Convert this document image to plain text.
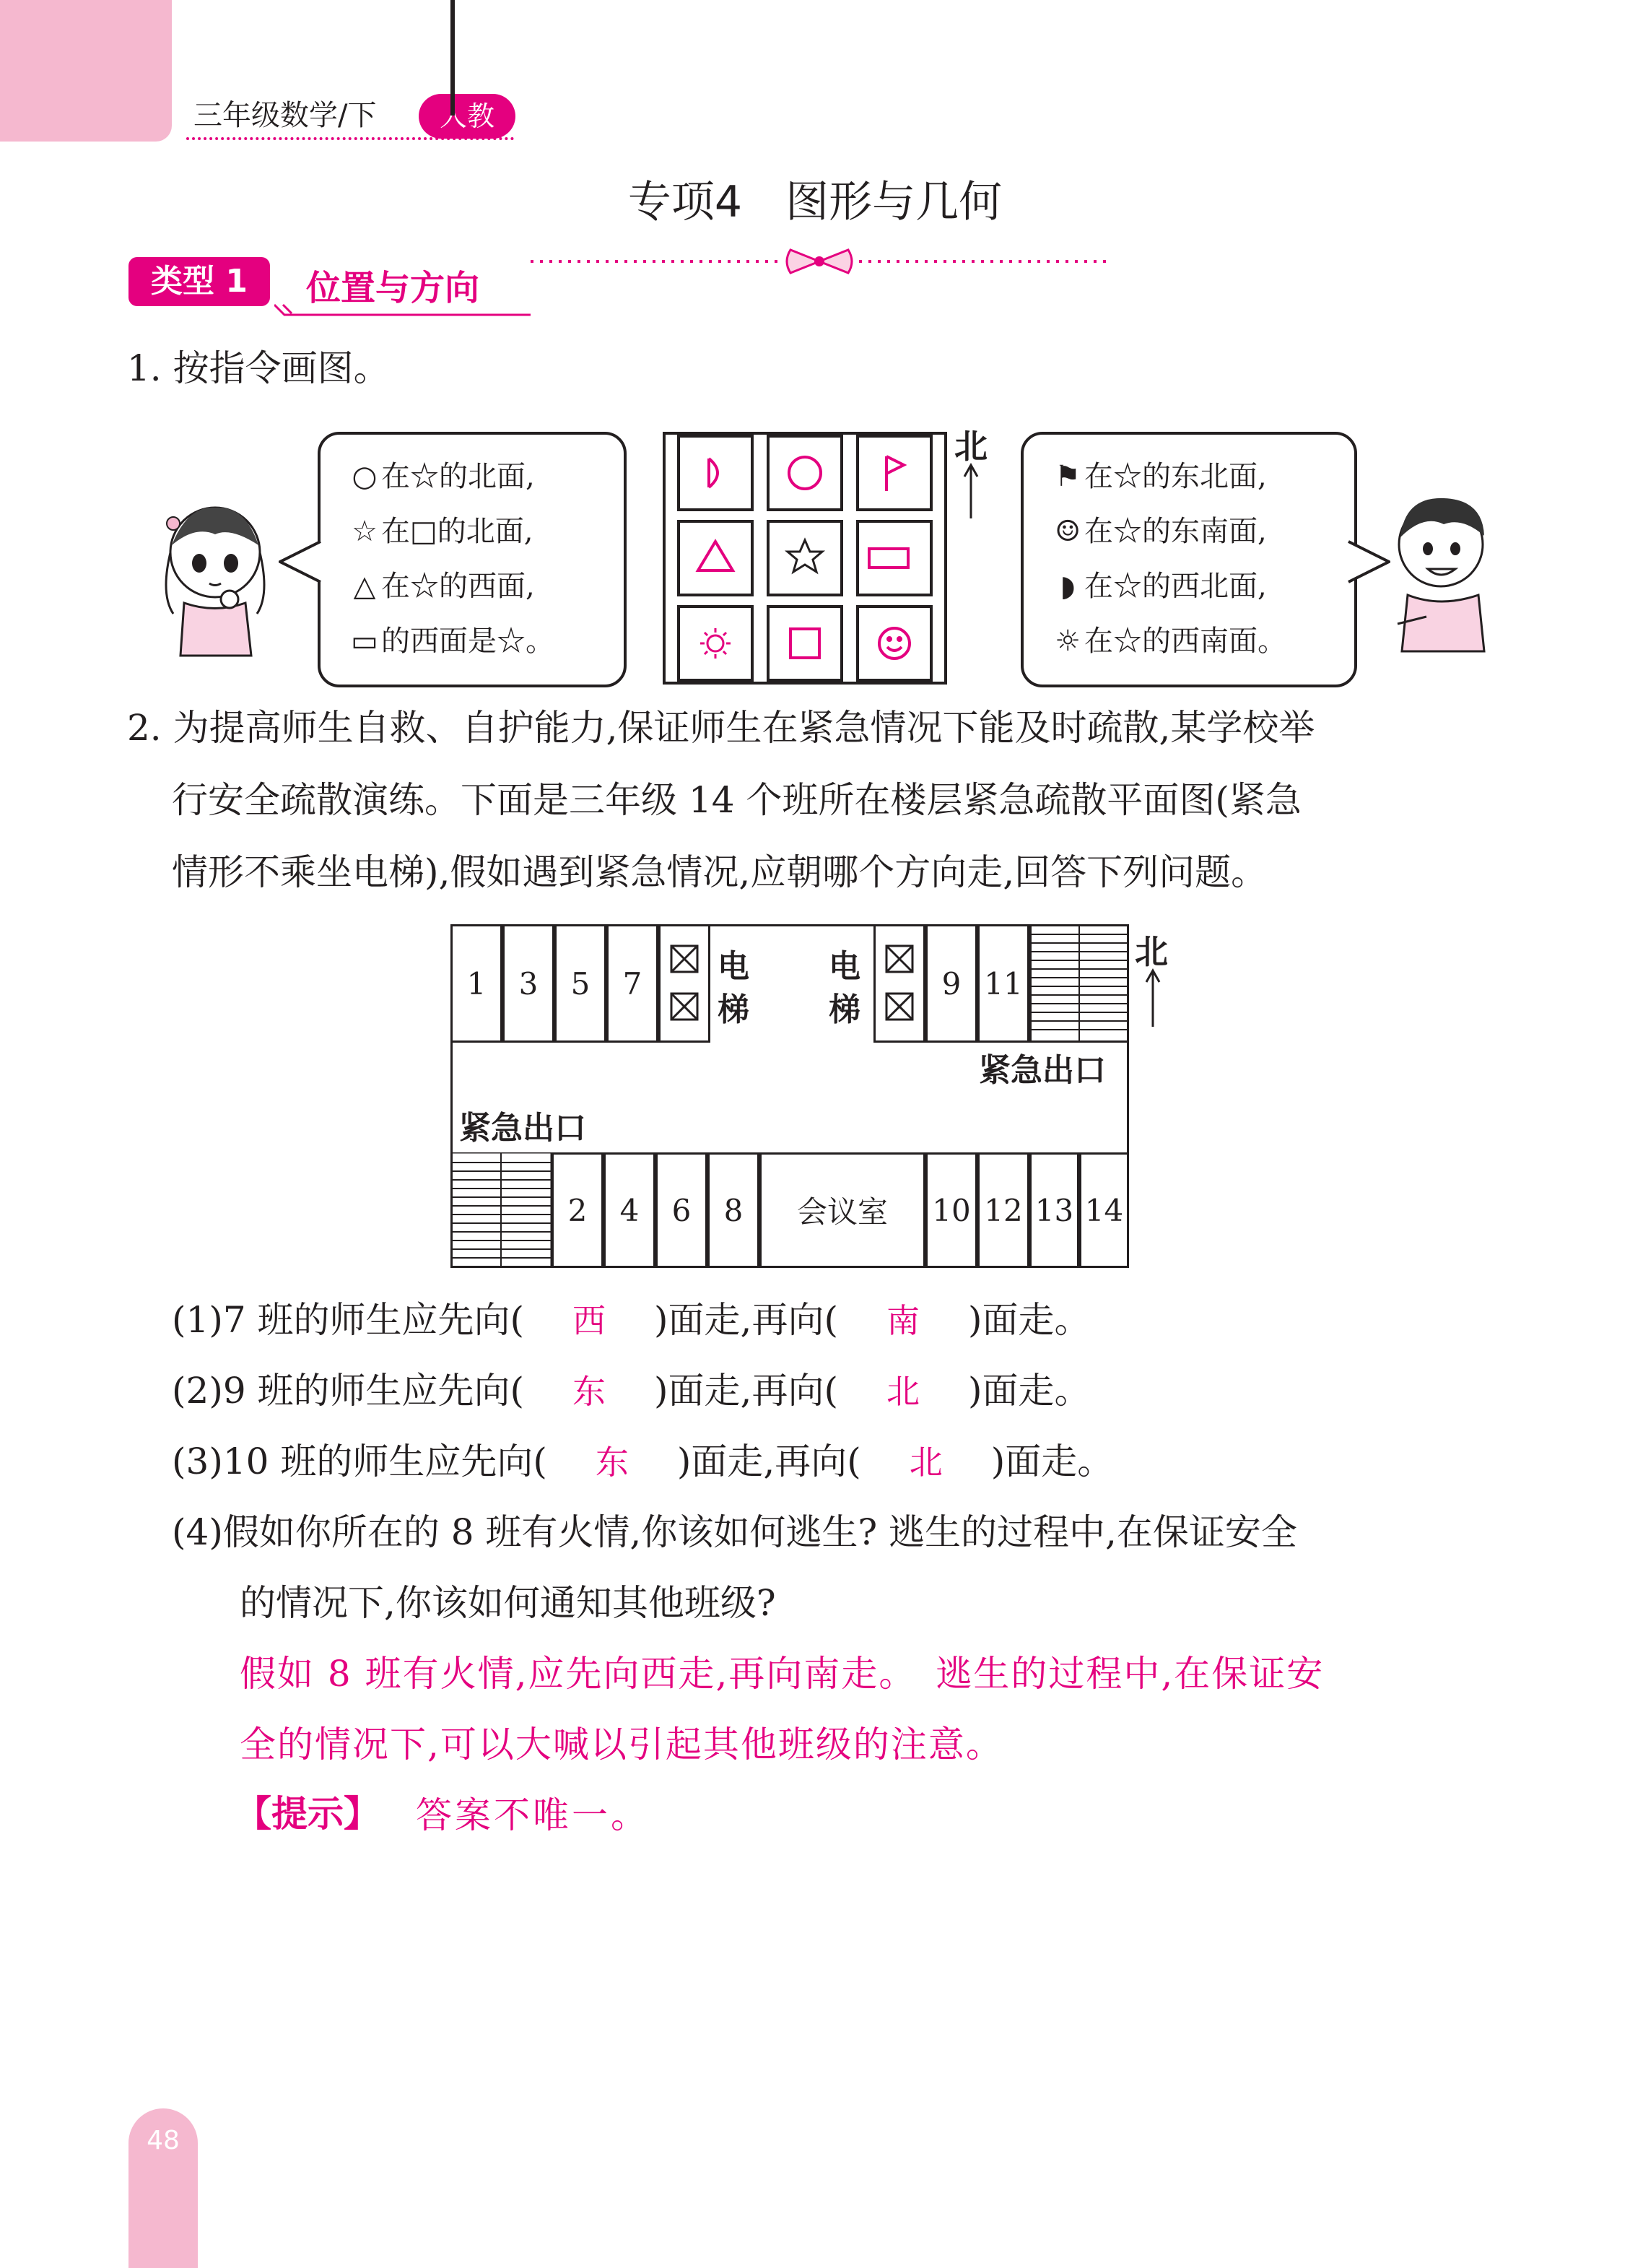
三年级数学/下	人教
专项4　图形与几何
类型 1	位置与方向
1. 按指令画图。
○ 在☆的北面,
☆ 在□的北面,
△ 在☆的西面,
▭ 的西面是☆。
北
⚑ 在☆的东北面,
☺ 在☆的东南面,
◗ 在☆的西北面,
☼ 在☆的西南面。
2. 为提高师生自救、自护能力,保证师生在紧急情况下能及时疏散,某学校举
行安全疏散演练。下面是三年级 14 个班所在楼层紧急疏散平面图(紧急
情形不乘坐电梯),假如遇到紧急情况,应朝哪个方向走,回答下列问题。
1	3	5	7	9 11
电
梯
电
梯
紧急出口
紧急出口
2	4	6	8	会议室	10 12 13 14
北
(1)7 班的师生应先向( 西 )面走,再向( 南 )面走。
(2)9 班的师生应先向( 东 )面走,再向( 北 )面走。
(3)10 班的师生应先向( 东 )面走,再向( 北 )面走。
(4)假如你所在的 8 班有火情,你该如何逃生? 逃生的过程中,在保证安全
的情况下,你该如何通知其他班级?
假如 8 班有火情,应先向西走,再向南走。　逃生的过程中,在保证安
全的情况下,可以大喊以引起其他班级的注意。
【提示】 答案不唯一。
48
